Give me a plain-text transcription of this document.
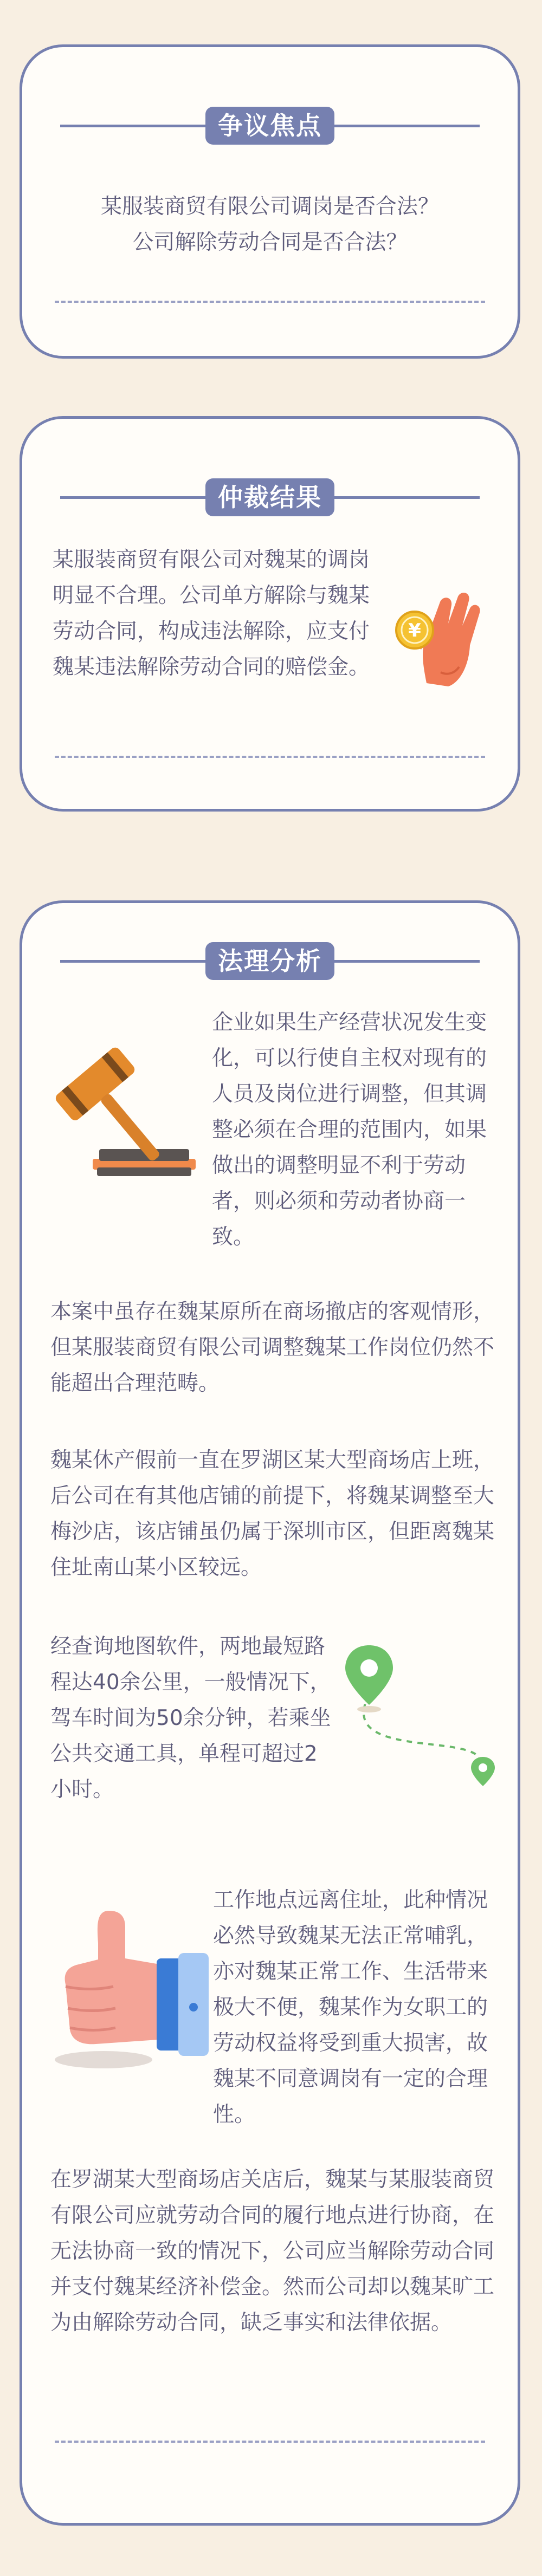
争议焦点

某服装商贸有限公司调岗是否合法？

公司解除劳动合同是否合法？

仲裁结果

某服装商贸有限公司对魏某的调岗明显不合理。公司单方解除与魏某劳动合同，构成违法解除，应支付魏某违法解除劳动合同的赔偿金。

¥
法理分析

企业如果生产经营状况发生变化，可以行使自主权对现有的人员及岗位进行调整，但其调整必须在合理的范围内，如果做出的调整明显不利于劳动者，则必须和劳动者协商一致。

本案中虽存在魏某原所在商场撤店的客观情形，但某服装商贸有限公司调整魏某工作岗位仍然不能超出合理范畴。

魏某休产假前一直在罗湖区某大型商场店上班，后公司在有其他店铺的前提下，将魏某调整至大梅沙店，该店铺虽仍属于深圳市区，但距离魏某住址南山某小区较远。

经查询地图软件，两地最短路程达40余公里，一般情况下，驾车时间为50余分钟，若乘坐公共交通工具，单程可超过2小时。

工作地点远离住址，此种情况必然导致魏某无法正常哺乳，亦对魏某正常工作、生活带来极大不便，魏某作为女职工的劳动权益将受到重大损害，故魏某不同意调岗有一定的合理性。

在罗湖某大型商场店关店后，魏某与某服装商贸有限公司应就劳动合同的履行地点进行协商，在无法协商一致的情况下，公司应当解除劳动合同并支付魏某经济补偿金。然而公司却以魏某旷工为由解除劳动合同，缺乏事实和法律依据。
